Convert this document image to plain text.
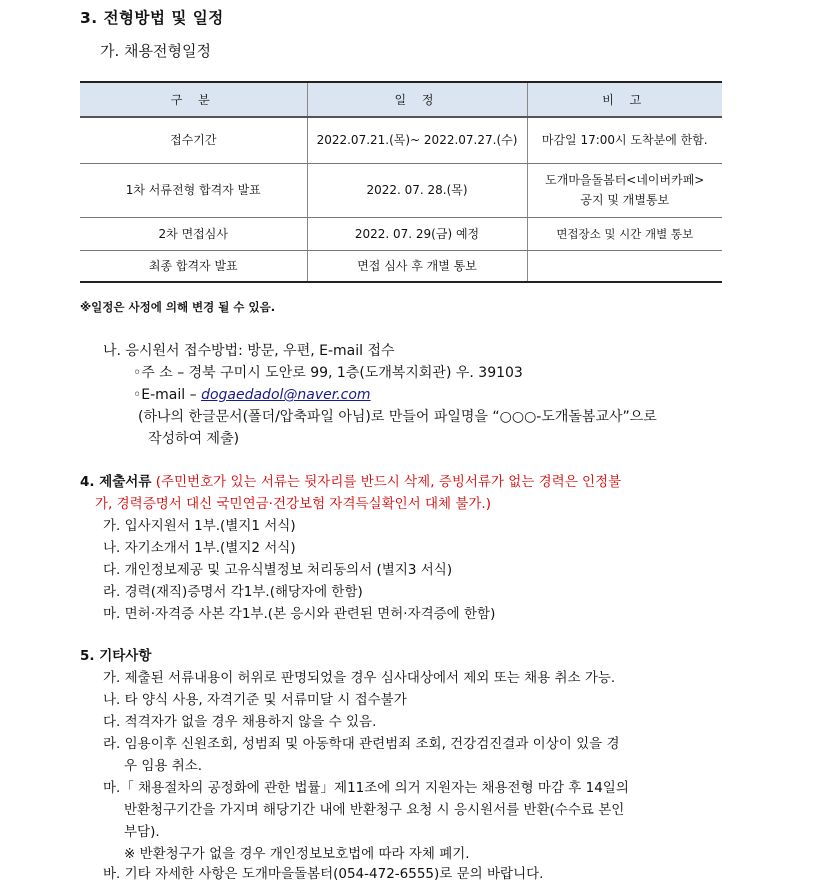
3. 전형방법 및 일정
가. 채용전형일정
구 분	일 정	비 고
접수기간	2022.07.21.(목)~ 2022.07.27.(수)	마감일 17:00시 도착분에 한함.
1차 서류전형 합격자 발표	2022. 07. 28.(목)	도개마을돌봄터<네이버카페> 공지 및 개별통보
2차 면접심사	2022. 07. 29(금) 예정	면접장소 및 시간 개별 통보
최종 합격자 발표	면접 심사 후 개별 통보	
※일정은 사정에 의해 변경 될 수 있음.
나. 응시원서 접수방법: 방문, 우편, E-mail 접수
◦주 소 – 경북 구미시 도안로 99, 1층(도개복지회관) 우. 39103
◦E-mail – dogaedadol@naver.com
(하나의 한글문서(폴더/압축파일 아님)로 만들어 파일명을 “○○○-도개돌봄교사”으로
작성하여 제출)
4. 제출서류 (주민번호가 있는 서류는 뒷자리를 반드시 삭제, 증빙서류가 없는 경력은 인정불
가, 경력증명서 대신 국민연금·건강보험 자격득실확인서 대체 불가.)
가. 입사지원서 1부.(별지1 서식)
나. 자기소개서 1부.(별지2 서식)
다. 개인정보제공 및 고유식별정보 처리동의서 (별지3 서식)
라. 경력(재직)증명서 각1부.(해당자에 한함)
마. 면허·자격증 사본 각1부.(본 응시와 관련된 면허·자격증에 한함)
5. 기타사항
가. 제출된 서류내용이 허위로 판명되었을 경우 심사대상에서 제외 또는 채용 취소 가능.
나. 타 양식 사용, 자격기준 및 서류미달 시 접수불가
다. 적격자가 없을 경우 채용하지 않을 수 있음.
라. 임용이후 신원조회, 성범죄 및 아동학대 관련범죄 조회, 건강검진결과 이상이 있을 경
우 임용 취소.
마.「 채용절차의 공정화에 관한 법률」제11조에 의거 지원자는 채용전형 마감 후 14일의
반환청구기간을 가지며 해당기간 내에 반환청구 요청 시 응시원서를 반환(수수료 본인
부담).
※ 반환청구가 없을 경우 개인정보보호법에 따라 자체 폐기.
바. 기타 자세한 사항은 도개마을돌봄터(054-472-6555)로 문의 바랍니다.
